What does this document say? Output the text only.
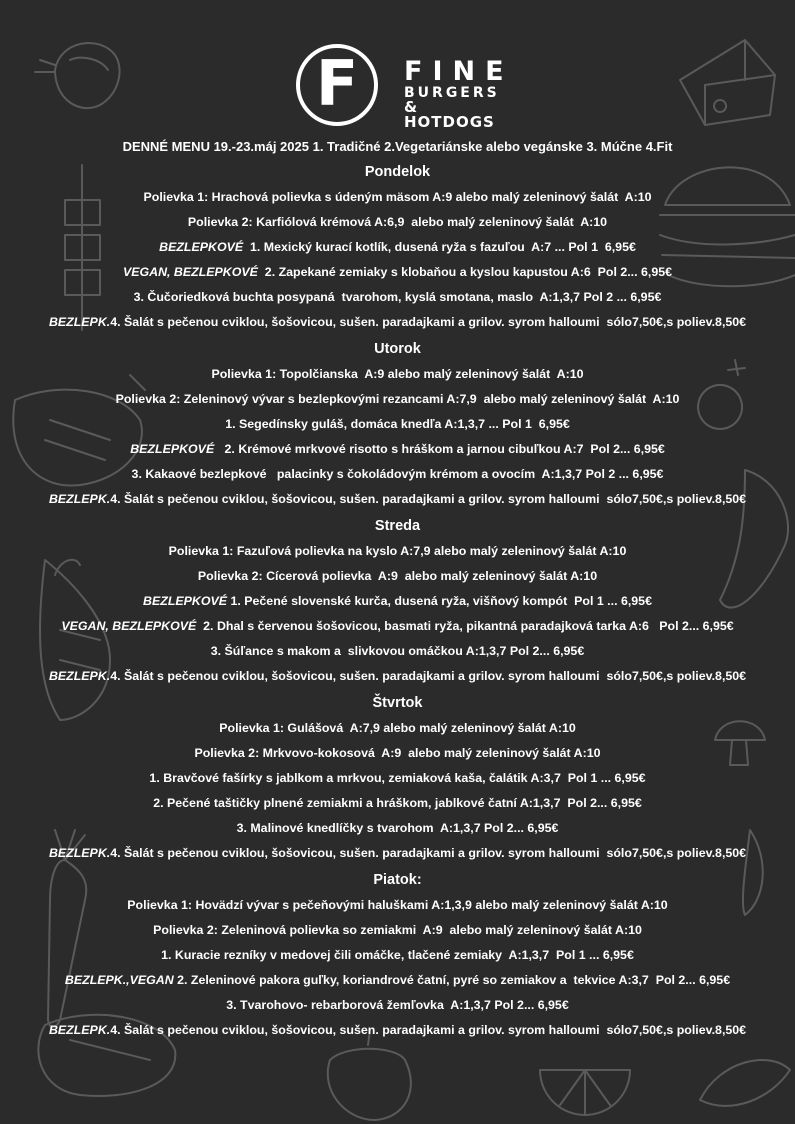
F	FINE
BURGERS
& HOTDOGS
DENNÉ MENU 19.-23.máj 2025 1. Tradičné 2.Vegetariánske alebo vegánske 3. Múčne 4.Fit
Pondelok
Polievka 1: Hrachová polievka s údeným mäsom A:9 alebo malý zeleninový šalát  A:10
Polievka 2: Karfiólová krémová A:6,9  alebo malý zeleninový šalát  A:10
BEZLEPKOVÉ  1. Mexický kurací kotlík, dusená ryža s fazuľou  A:7 ... Pol 1  6,95€
VEGAN, BEZLEPKOVÉ  2. Zapekané zemiaky s klobaňou a kyslou kapustou A:6  Pol 2... 6,95€
3. Čučoriedková buchta posypaná  tvarohom, kyslá smotana, maslo  A:1,3,7 Pol 2 ... 6,95€
BEZLEPK.4. Šalát s pečenou cviklou, šošovicou, sušen. paradajkami a grilov. syrom halloumi  sólo7,50€,s poliev.8,50€
Utorok
Polievka 1: Topolčianska  A:9 alebo malý zeleninový šalát  A:10
Polievka 2: Zeleninový vývar s bezlepkovými rezancami A:7,9  alebo malý zeleninový šalát  A:10
1. Segedínsky guláš, domáca knedľa A:1,3,7 ... Pol 1  6,95€
BEZLEPKOVÉ   2. Krémové mrkvové risotto s hráškom a jarnou cibuľkou A:7  Pol 2... 6,95€
3. Kakaové bezlepkové   palacinky s čokoládovým krémom a ovocím  A:1,3,7 Pol 2 ... 6,95€
BEZLEPK.4. Šalát s pečenou cviklou, šošovicou, sušen. paradajkami a grilov. syrom halloumi  sólo7,50€,s poliev.8,50€
Streda
Polievka 1: Fazuľová polievka na kyslo A:7,9 alebo malý zeleninový šalát A:10
Polievka 2: Cícerová polievka  A:9  alebo malý zeleninový šalát A:10
BEZLEPKOVÉ 1. Pečené slovenské kurča, dusená ryža, višňový kompót  Pol 1 ... 6,95€
VEGAN, BEZLEPKOVÉ  2. Dhal s červenou šošovicou, basmati ryža, pikantná paradajková tarka A:6   Pol 2... 6,95€
3. Šúľance s makom a  slivkovou omáčkou A:1,3,7 Pol 2... 6,95€
BEZLEPK.4. Šalát s pečenou cviklou, šošovicou, sušen. paradajkami a grilov. syrom halloumi  sólo7,50€,s poliev.8,50€
Štvrtok
Polievka 1: Gulášová  A:7,9 alebo malý zeleninový šalát A:10
Polievka 2: Mrkvovo-kokosová  A:9  alebo malý zeleninový šalát A:10
1. Bravčové fašírky s jablkom a mrkvou, zemiaková kaša, čalátik A:3,7  Pol 1 ... 6,95€
2. Pečené taštičky plnené zemiakmi a hráškom, jablkové čatní A:1,3,7  Pol 2... 6,95€
3. Malinové knedlíčky s tvarohom  A:1,3,7 Pol 2... 6,95€
BEZLEPK.4. Šalát s pečenou cviklou, šošovicou, sušen. paradajkami a grilov. syrom halloumi  sólo7,50€,s poliev.8,50€
Piatok:
Polievka 1: Hovädzí vývar s pečeňovými haluškami A:1,3,9 alebo malý zeleninový šalát A:10
Polievka 2: Zeleninová polievka so zemiakmi  A:9  alebo malý zeleninový šalát A:10
1. Kuracie rezníky v medovej čili omáčke, tlačené zemiaky  A:1,3,7  Pol 1 ... 6,95€
BEZLEPK.,VEGAN 2. Zeleninové pakora guľky, koriandrové čatní, pyré so zemiakov a  tekvice A:3,7  Pol 2... 6,95€
3. Tvarohovo- rebarborová žemľovka  A:1,3,7 Pol 2... 6,95€
BEZLEPK.4. Šalát s pečenou cviklou, šošovicou, sušen. paradajkami a grilov. syrom halloumi  sólo7,50€,s poliev.8,50€
